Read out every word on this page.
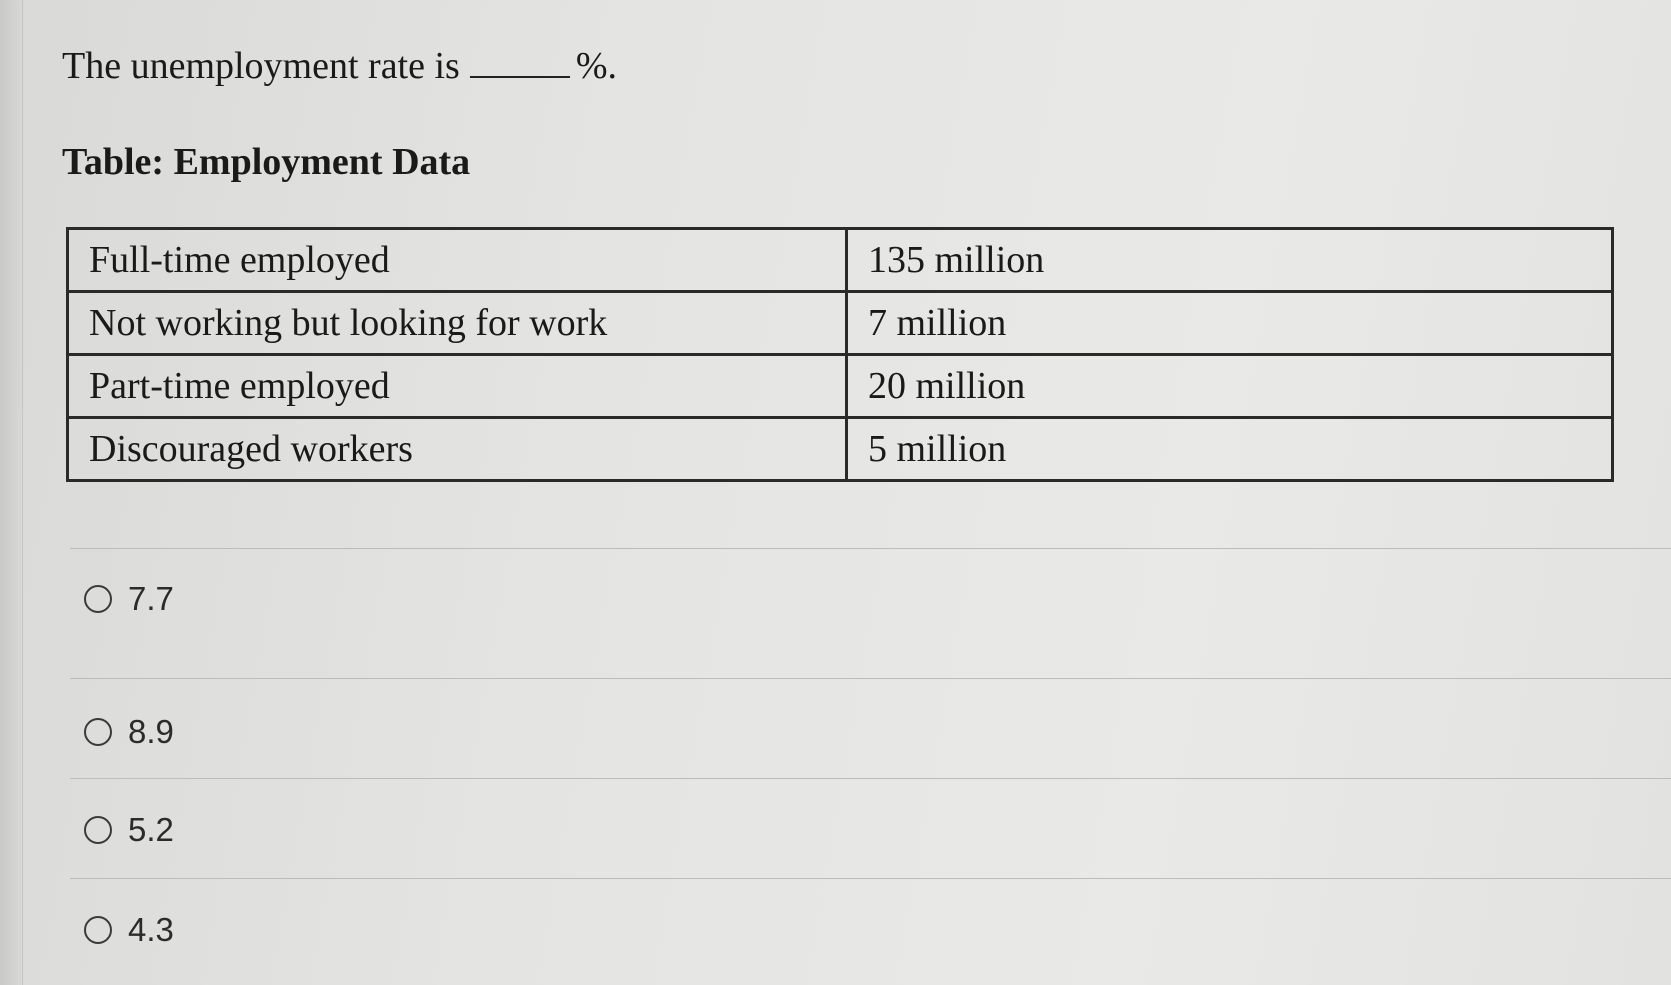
The unemployment rate is	%.
Table: Employment Data
Full-time employed	135 million
Not working but looking for work	7 million
Part-time employed	20 million
Discouraged workers	5 million
7.7
8.9
5.2
4.3
